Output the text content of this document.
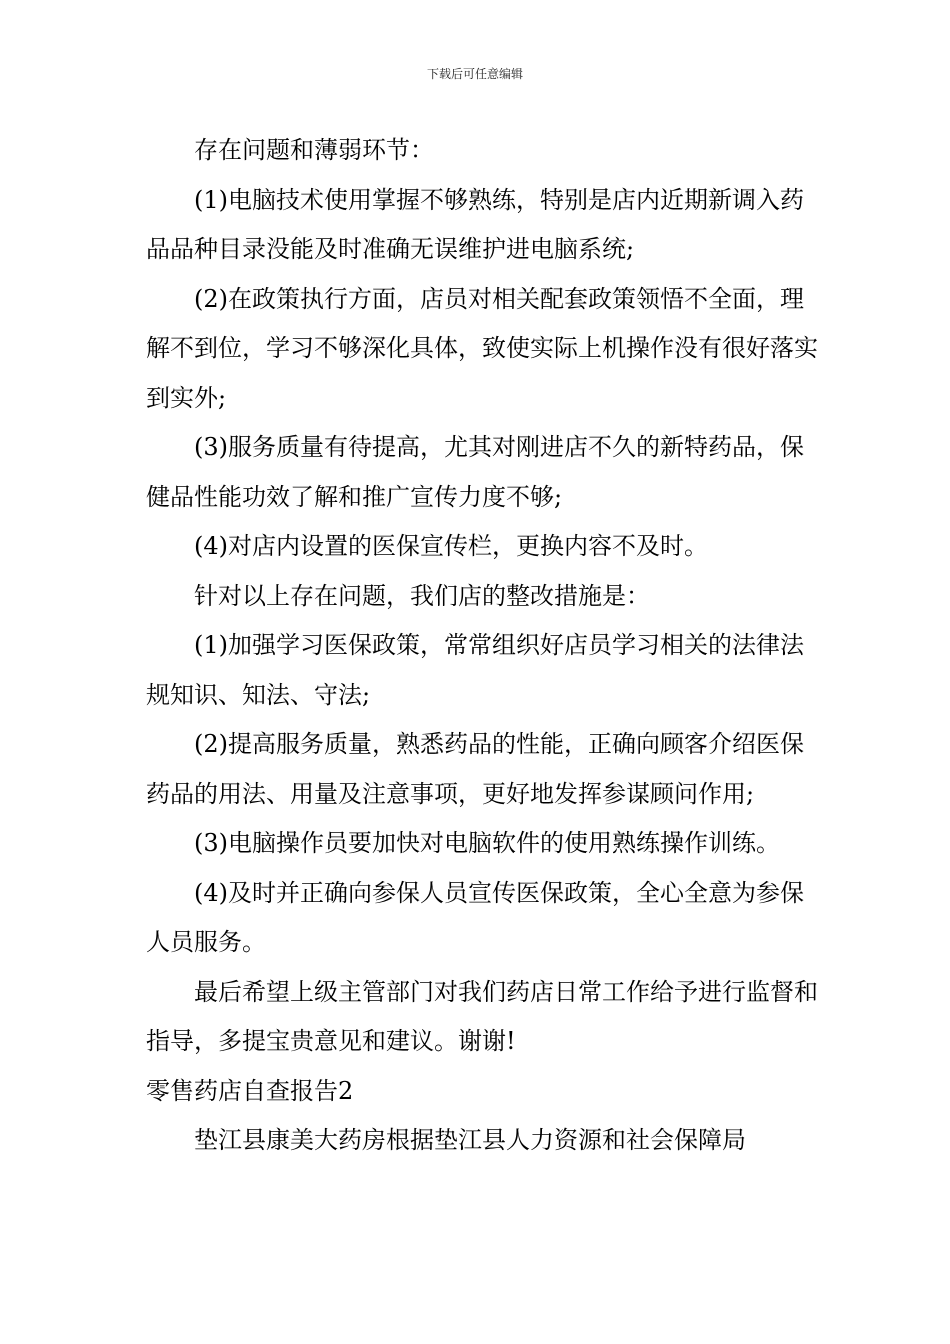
下载后可任意编辑

存在问题和薄弱环节：

(1)电脑技术使用掌握不够熟练，特别是店内近期新调入药品品种目录没能及时准确无误维护进电脑系统;

(2)在政策执行方面，店员对相关配套政策领悟不全面，理解不到位，学习不够深化具体，致使实际上机操作没有很好落实到实外;

(3)服务质量有待提高，尤其对刚进店不久的新特药品，保健品性能功效了解和推广宣传力度不够;

(4)对店内设置的医保宣传栏，更换内容不及时。

针对以上存在问题，我们店的整改措施是：

(1)加强学习医保政策，常常组织好店员学习相关的法律法规知识、知法、守法;

(2)提高服务质量，熟悉药品的性能，正确向顾客介绍医保药品的用法、用量及注意事项，更好地发挥参谋顾问作用;

(3)电脑操作员要加快对电脑软件的使用熟练操作训练。

(4)及时并正确向参保人员宣传医保政策，全心全意为参保人员服务。

最后希望上级主管部门对我们药店日常工作给予进行监督和指导，多提宝贵意见和建议。谢谢!

零售药店自查报告2

垫江县康美大药房根据垫江县人力资源和社会保障局
